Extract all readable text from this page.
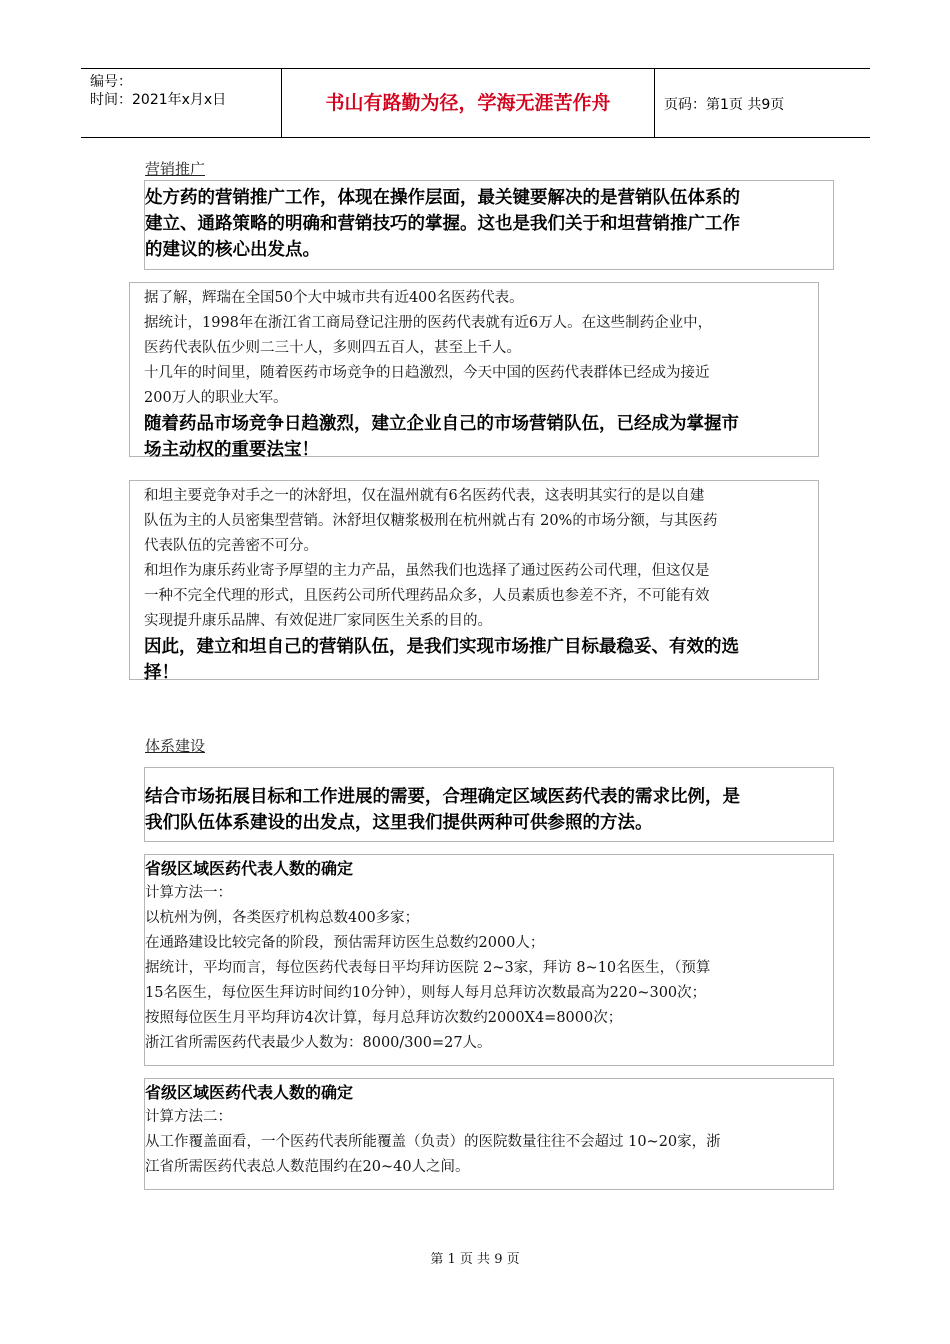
编号：
时间：2021年x月x日	书山有路勤为径，学海无涯苦作舟	页码：第1页 共9页
营销推广

处方药的营销推广工作，体现在操作层面，最关键要解决的是营销队伍体系的

建立、通路策略的明确和营销技巧的掌握。这也是我们关于和坦营销推广工作

的建议的核心出发点。

据了解，辉瑞在全国50个大中城市共有近400名医药代表。

据统计，1998年在浙江省工商局登记注册的医药代表就有近6万人。在这些制药企业中，

医药代表队伍少则二三十人，多则四五百人，甚至上千人。

十几年的时间里，随着医药市场竞争的日趋激烈，今天中国的医药代表群体已经成为接近

200万人的职业大军。

随着药品市场竞争日趋激烈，建立企业自己的市场营销队伍，已经成为掌握市

场主动权的重要法宝！

和坦主要竞争对手之一的沐舒坦，仅在温州就有6名医药代表，这表明其实行的是以自建

队伍为主的人员密集型营销。沐舒坦仅糖浆极刑在杭州就占有 20%的市场分额，与其医药

代表队伍的完善密不可分。

和坦作为康乐药业寄予厚望的主力产品，虽然我们也选择了通过医药公司代理，但这仅是

一种不完全代理的形式，且医药公司所代理药品众多，人员素质也参差不齐，不可能有效

实现提升康乐品牌、有效促进厂家同医生关系的目的。

因此，建立和坦自己的营销队伍，是我们实现市场推广目标最稳妥、有效的选

择！

体系建设

结合市场拓展目标和工作进展的需要，合理确定区域医药代表的需求比例，是

我们队伍体系建设的出发点，这里我们提供两种可供参照的方法。

省级区域医药代表人数的确定

计算方法一：

以杭州为例，各类医疗机构总数400多家；

在通路建设比较完备的阶段，预估需拜访医生总数约2000人；

据统计，平均而言，每位医药代表每日平均拜访医院 2~3家，拜访 8~10名医生，（预算

15名医生，每位医生拜访时间约10分钟），则每人每月总拜访次数最高为220~300次；

按照每位医生月平均拜访4次计算，每月总拜访次数约2000X4=8000次；

浙江省所需医药代表最少人数为：8000/300=27人。

省级区域医药代表人数的确定

计算方法二：

从工作覆盖面看，一个医药代表所能覆盖（负责）的医院数量往往不会超过 10~20家，浙

江省所需医药代表总人数范围约在20~40人之间。

第 1 页 共 9 页
